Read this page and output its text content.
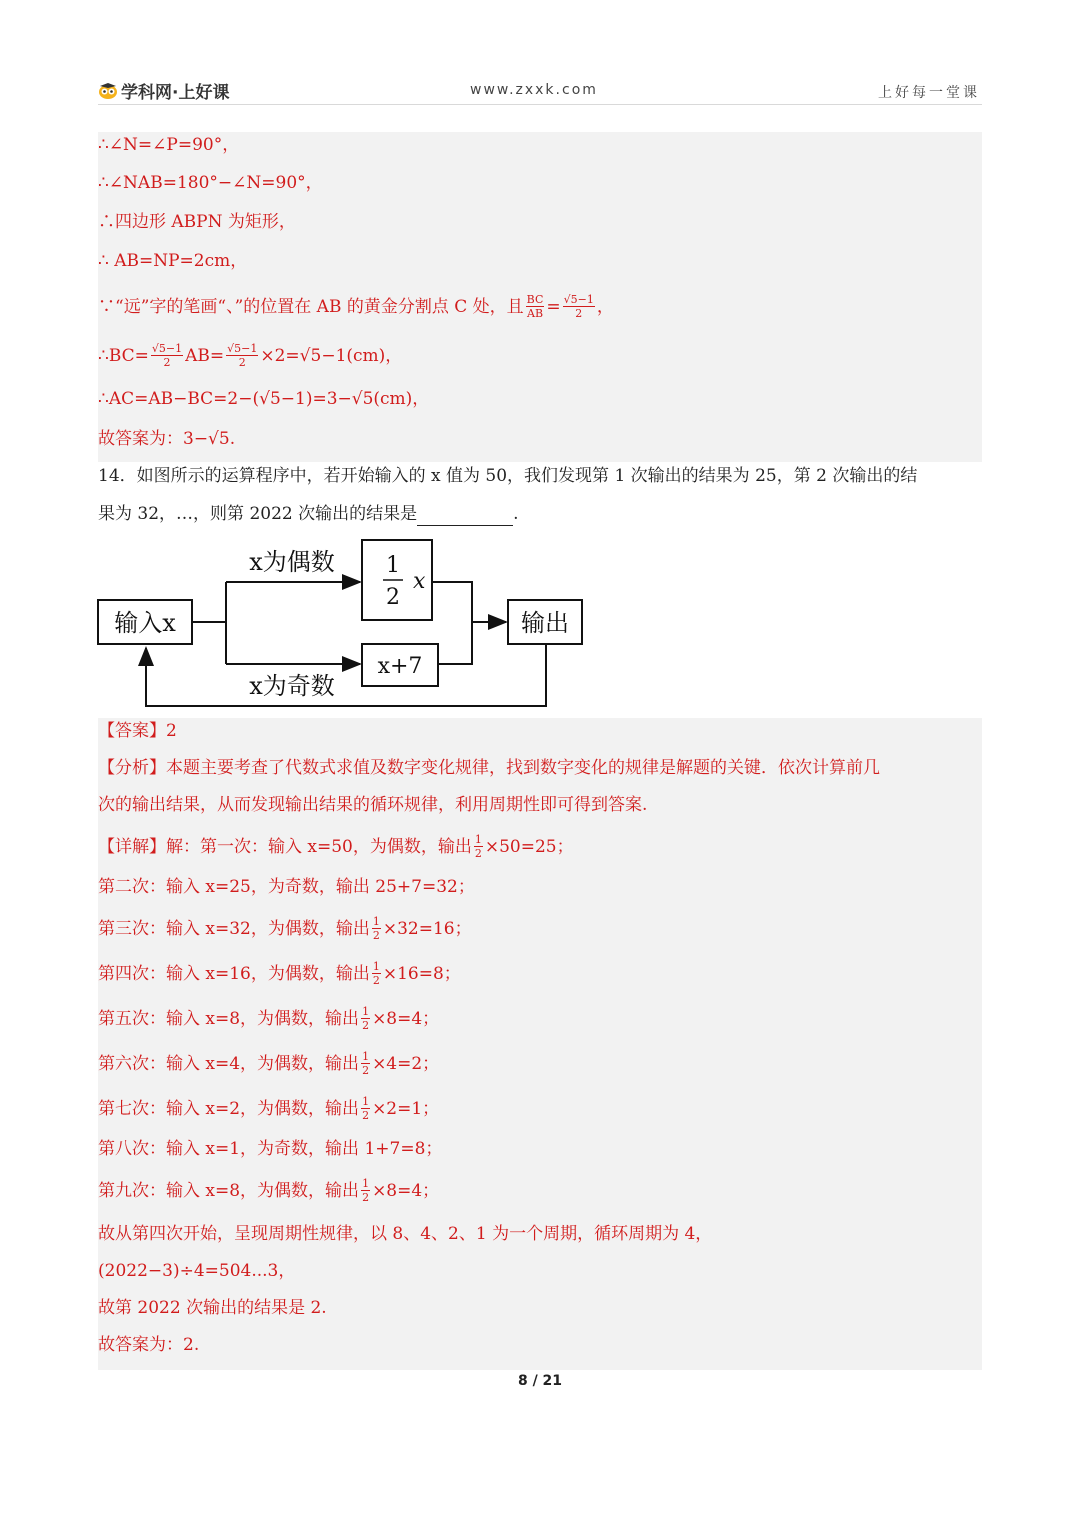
学科网·上好课	www.zxxk.com	上好每一堂课
∴∠N=∠P=90°，
∴∠NAB=180°−∠N=90°，
∴四边形 ABPN 为矩形，
∴ AB=NP=2cm，
∵“远”字的笔画“、”的位置在 AB 的黄金分割点 C 处，且 $\frac{BC}{AB} = \frac{√5-1}{2}$ ，
∴BC= $\frac{√5-1}{2} AB= \frac{√5-1}{2} \times 2=√5-1(cm)$，
∴AC=AB−BC=2−(√5−1)=3−√5(cm)，
故答案为：3−√5.
14．如图所示的运算程序中，若开始输入的 x 值为 50，我们发现第 1 次输出的结果为 25，第 2 次输出的结
果为 32，…，则第 2022 次输出的结果是	.
输入x
x为偶数
x为奇数
1
2
x
x+7
输出
【答案】2
【分析】本题主要考查了代数式求值及数字变化规律，找到数字变化的规律是解题的关键．依次计算前几
次的输出结果，从而发现输出结果的循环规律，利用周期性即可得到答案.
【详解】解：第一次：输入 x=50，为偶数，输出 $\frac{1}{2} \times 50=25$；
第二次：输入 x=25，为奇数，输出 25+7=32；
第三次：输入 x=32，为偶数，输出 $\frac{1}{2} \times 32=16$；
第四次：输入 x=16，为偶数，输出 $\frac{1}{2} \times 16=8$；
第五次：输入 x=8，为偶数，输出 $\frac{1}{2} \times 8=4$；
第六次：输入 x=4，为偶数，输出 $\frac{1}{2} \times 4=2$；
第七次：输入 x=2，为偶数，输出 $\frac{1}{2} \times 2=1$；
第八次：输入 x=1，为奇数，输出 1+7=8；
第九次：输入 x=8，为偶数，输出 $\frac{1}{2} \times 8=4$；
故从第四次开始，呈现周期性规律，以 8、4、2、1 为一个周期，循环周期为 4，
(2022−3)÷4=504...3，
故第 2022 次输出的结果是 2.
故答案为：2.
8 / 21
